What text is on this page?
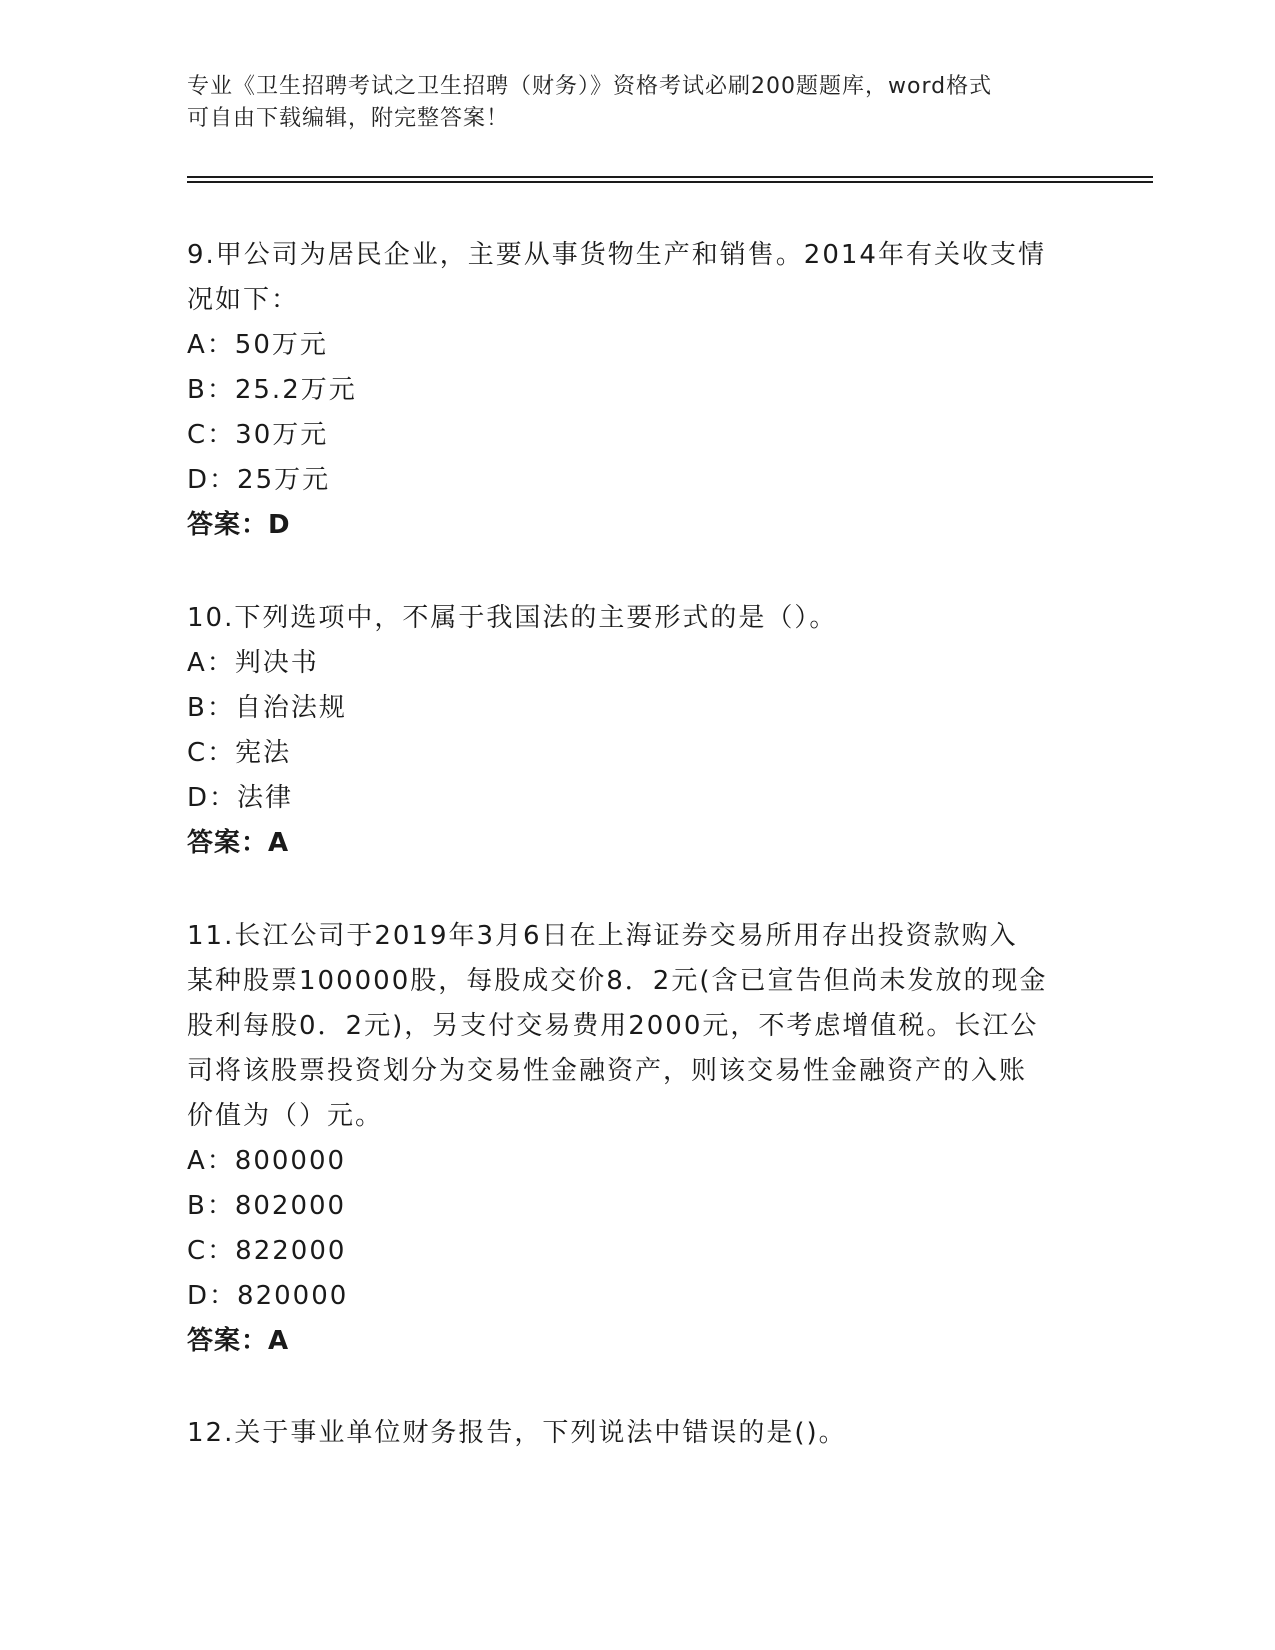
专业《卫生招聘考试之卫生招聘（财务）》资格考试必刷200题题库，word格式
可自由下载编辑，附完整答案！

9.甲公司为居民企业，主要从事货物生产和销售。2014年有关收支情

况如下：

A： 50万元

B： 25.2万元

C： 30万元

D： 25万元

答案：D

10.下列选项中，不属于我国法的主要形式的是（）。

A： 判决书

B： 自治法规

C： 宪法

D： 法律

答案：A

11.长江公司于2019年3月6日在上海证券交易所用存出投资款购入

某种股票100000股，每股成交价8．2元(含已宣告但尚未发放的现金

股利每股0．2元)，另支付交易费用2000元，不考虑增值税。长江公

司将该股票投资划分为交易性金融资产，则该交易性金融资产的入账

价值为（）元。

A： 800000

B： 802000

C： 822000

D： 820000

答案：A

12.关于事业单位财务报告，下列说法中错误的是()。
